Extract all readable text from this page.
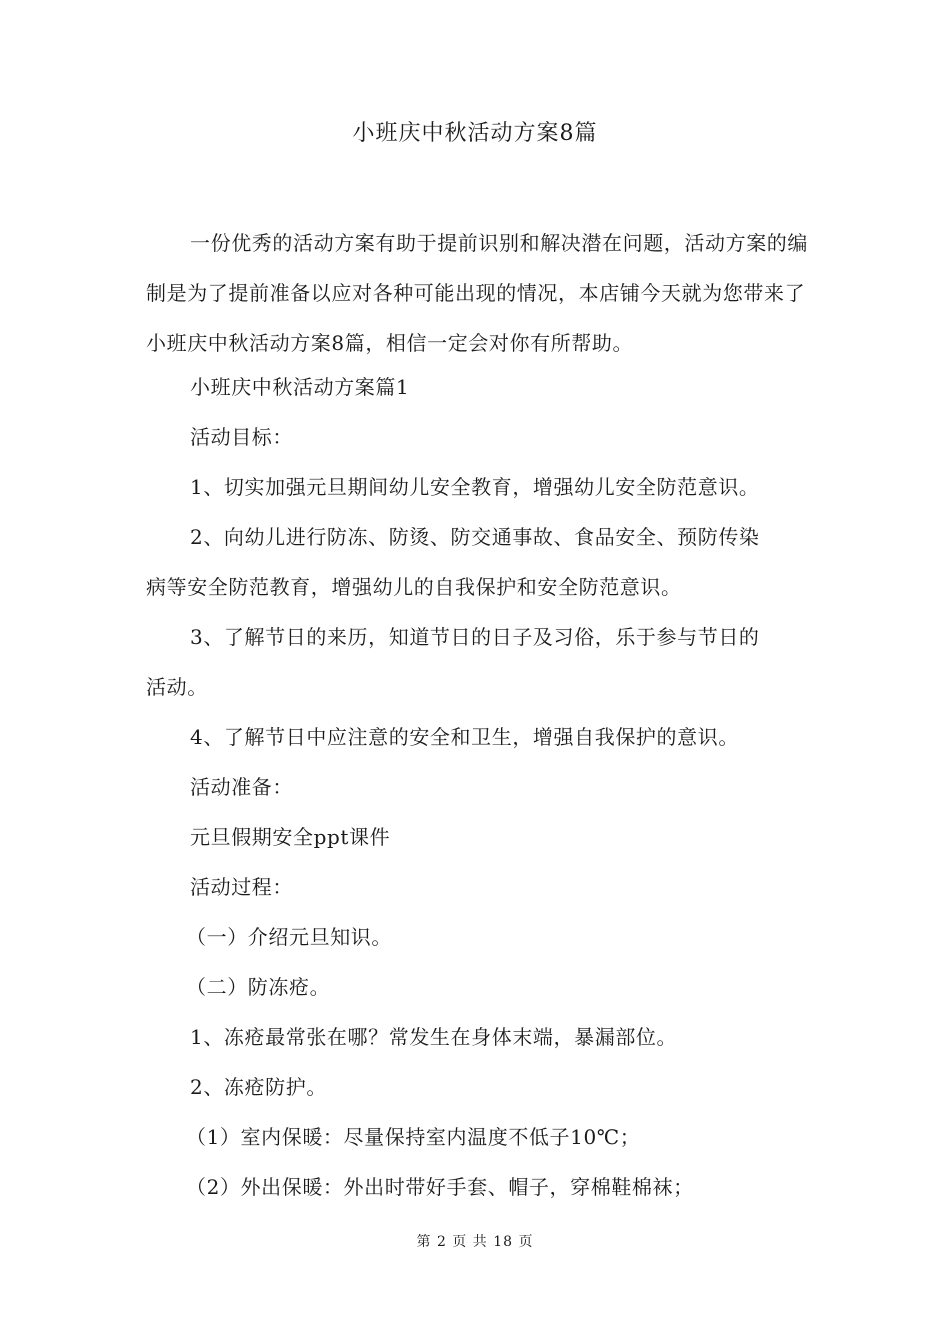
小班庆中秋活动方案8篇

一份优秀的活动方案有助于提前识别和解决潜在问题，活动方案的编制是为了提前准备以应对各种可能出现的情况，本店铺今天就为您带来了小班庆中秋活动方案8篇，相信一定会对你有所帮助。

小班庆中秋活动方案篇1

活动目标：

1、切实加强元旦期间幼儿安全教育，增强幼儿安全防范意识。

2、向幼儿进行防冻、防烫、防交通事故、食品安全、预防传染

病等安全防范教育，增强幼儿的自我保护和安全防范意识。

3、了解节日的来历，知道节日的日子及习俗，乐于参与节日的

活动。

4、了解节日中应注意的安全和卫生，增强自我保护的意识。

活动准备：

元旦假期安全ppt课件

活动过程：

（一）介绍元旦知识。

（二）防冻疮。

1、冻疮最常张在哪？常发生在身体末端，暴漏部位。

2、冻疮防护。

（1）室内保暖：尽量保持室内温度不低子10℃；

（2）外出保暖：外出时带好手套、帽子，穿棉鞋棉袜；

第 2 页 共 18 页
